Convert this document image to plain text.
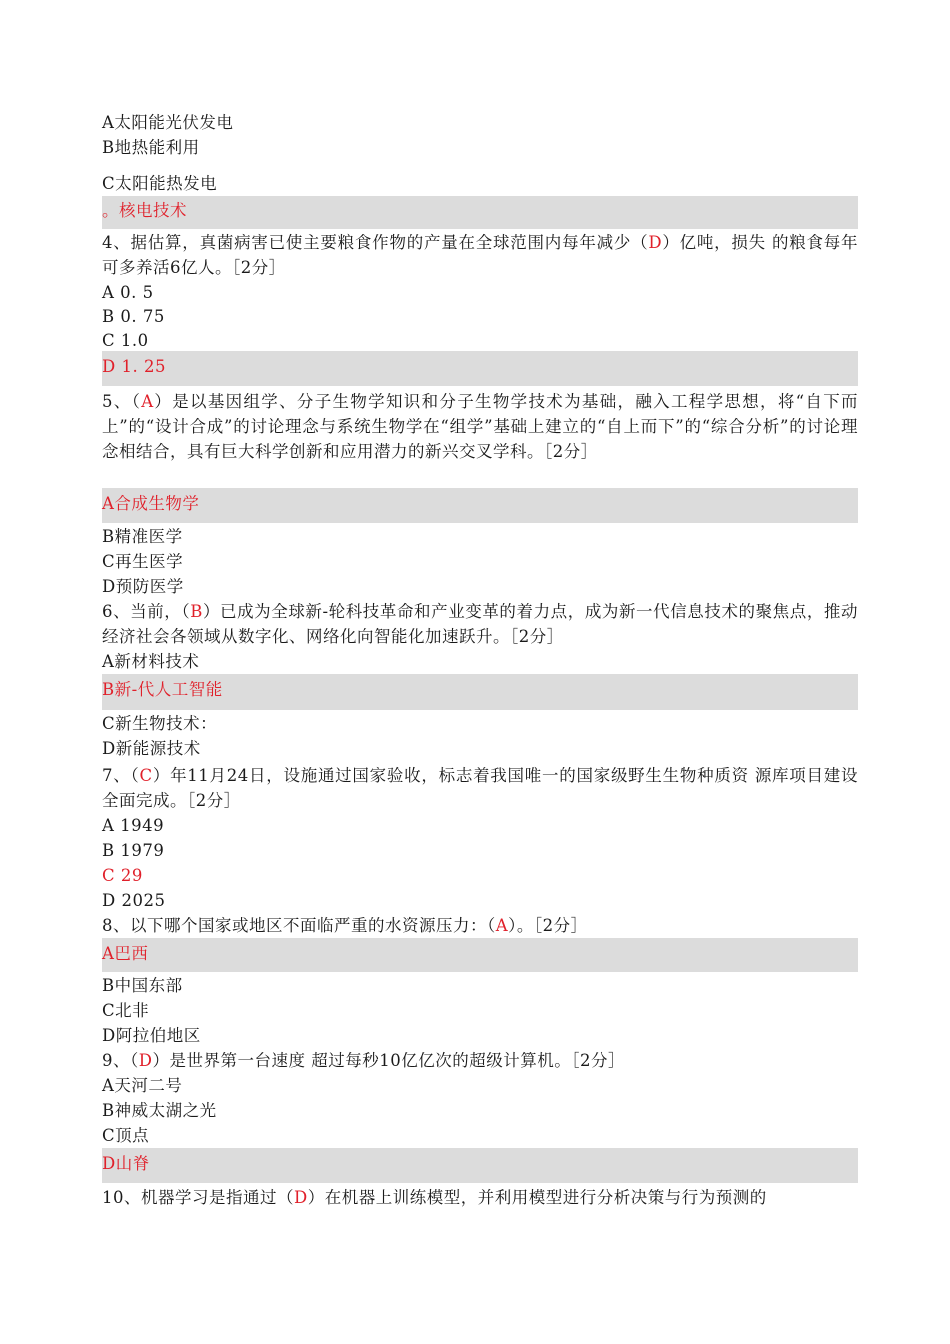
A太阳能光伏发电
B地热能利用
C太阳能热发电
。核电技术
4、据估算，真菌病害已使主要粮食作物的产量在全球范围内每年减少（D）亿吨，损失 的粮食每年可多养活6亿人。［2分］
A 0. 5
B 0. 75
C 1.0
D 1. 25
5、（A）是以基因组学、分子生物学知识和分子生物学技术为基础，融入工程学思想，将“自下而上”的“设计合成”的讨论理念与系统生物学在“组学”基础上建立的“自上而下”的“综合分析”的讨论理念相结合，具有巨大科学创新和应用潜力的新兴交叉学科。［2分］
A合成生物学
B精准医学
C再生医学
D预防医学
6、当前，（B）已成为全球新-轮科技革命和产业变革的着力点，成为新一代信息技术的聚焦点，推动经济社会各领域从数字化、网络化向智能化加速跃升。［2分］
A新材料技术
B新-代人工智能
C新生物技术：
D新能源技术
7、（C）年11月24日，设施通过国家验收，标志着我国唯一的国家级野生生物种质资 源库项目建设全面完成。［2分］
A 1949
B 1979
C 29
D 2025
8、以下哪个国家或地区不面临严重的水资源压力：（A）。［2分］
A巴西
B中国东部
C北非
D阿拉伯地区
9、（D）是世界第一台速度 超过每秒10亿亿次的超级计算机。［2分］
A天河二号
B神威太湖之光
C顶点
D山脊
10、机器学习是指通过（D）在机器上训练模型，并利用模型进行分析决策与行为预测的
